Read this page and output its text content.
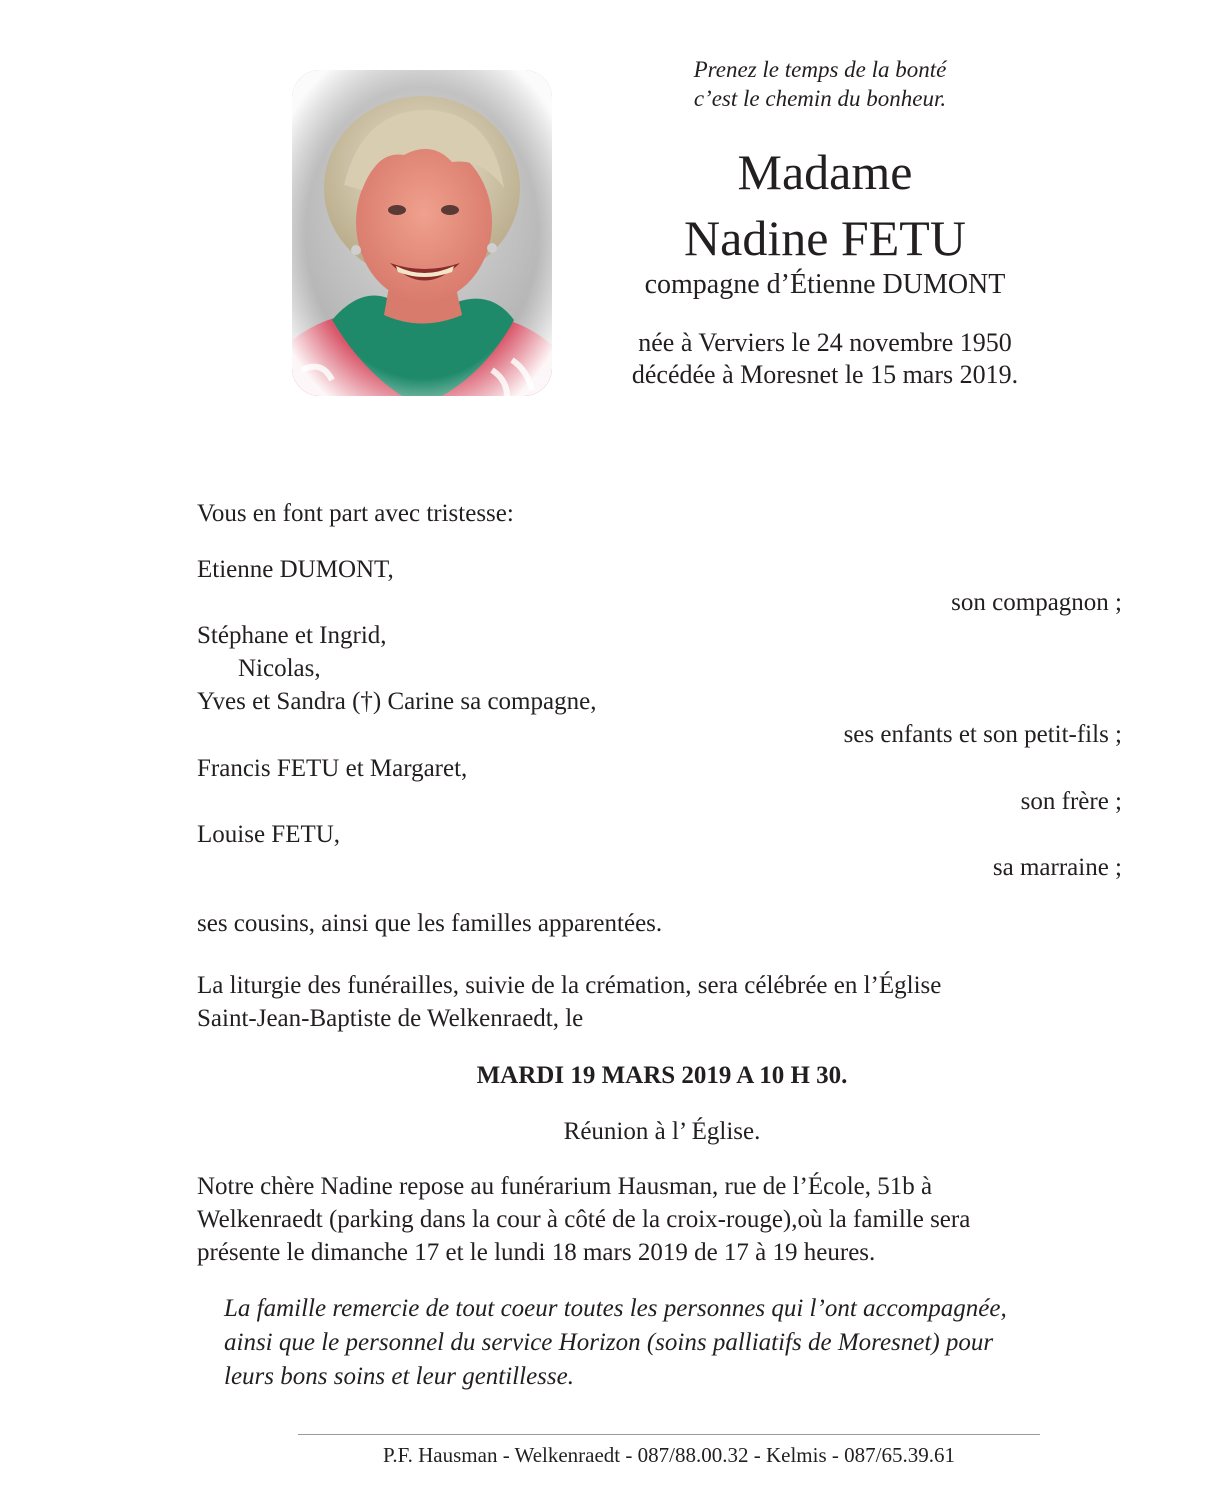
Prenez le temps de la bonté
c’est le chemin du bonheur.
Madame
Nadine FETU
compagne d’Étienne DUMONT
née à Verviers le 24 novembre 1950
décédée à Moresnet le 15 mars 2019.
Vous en font part avec tristesse:
Etienne DUMONT,
son compagnon ;
Stéphane et Ingrid,
Nicolas,
Yves et Sandra (†) Carine sa compagne,
ses enfants et son petit-fils ;
Francis FETU et Margaret,
son frère ;
Louise FETU,
sa marraine ;
ses cousins, ainsi que les familles apparentées.
La liturgie des funérailles, suivie de la crémation, sera célébrée en l’Église
Saint-Jean-Baptiste de Welkenraedt, le
MARDI 19 MARS 2019 A 10 H 30.
Réunion à l’ Église.
Notre chère Nadine repose au funérarium Hausman, rue de l’École, 51b à
Welkenraedt (parking dans la cour à côté de la croix-rouge),où la famille sera
présente le dimanche 17 et le lundi 18 mars 2019 de 17 à 19 heures.
La famille remercie de tout coeur toutes les personnes qui l’ont accompagnée,
ainsi que le personnel du service Horizon (soins palliatifs de Moresnet) pour
leurs bons soins et leur gentillesse.
P.F. Hausman - Welkenraedt - 087/88.00.32 - Kelmis - 087/65.39.61
